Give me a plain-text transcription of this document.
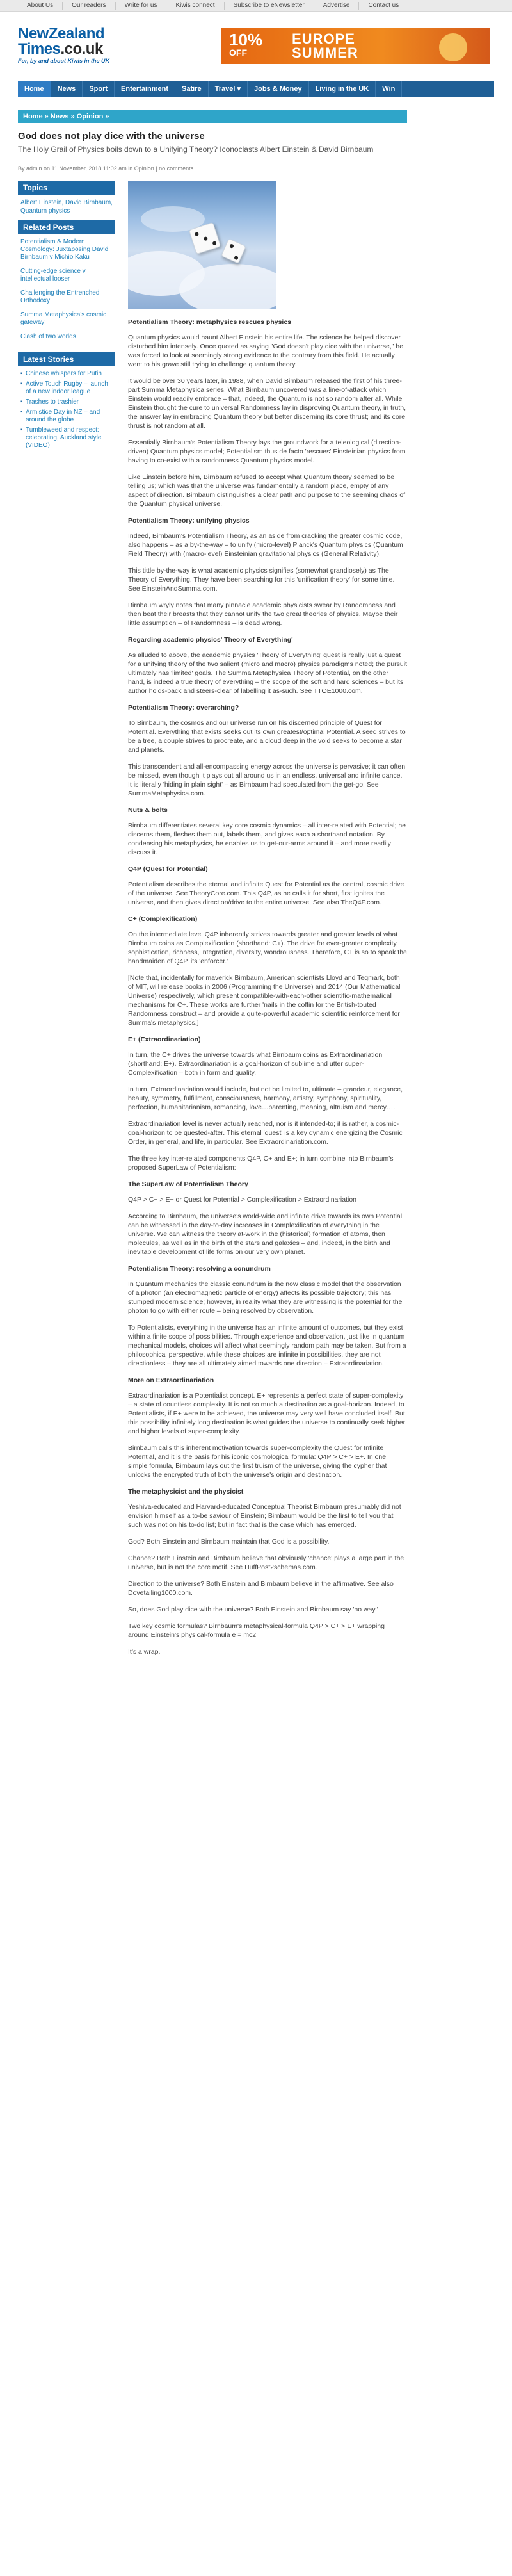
About Us	Our readers	Write for us	Kiwis connect	Subscribe to eNewsletter	Advertise	Contact us
NewZealand
Times.co.uk
For, by and about Kiwis in the UK
10%
OFF
EUROPE
SUMMER
Home	News	Sport	Entertainment	Satire	Travel ▾	Jobs & Money	Living in the UK	Win
Home » News » Opinion »
God does not play dice with the universe
The Holy Grail of Physics boils down to a Unifying Theory? Iconoclasts Albert Einstein & David Birnbaum
By admin on 11 November, 2018 11:02 am in Opinion | no comments
Topics
Albert Einstein, David Birnbaum, Quantum physics
Related Posts
Potentialism & Modern Cosmology: Juxtaposing David Birnbaum v Michio Kaku
Cutting-edge science v intellectual looser
Challenging the Entrenched Orthodoxy
Summa Metaphysica's cosmic gateway
Clash of two worlds
Latest Stories
▪ Chinese whispers for Putin
▪ Active Touch Rugby – launch of a new indoor league
▪ Trashes to trashier
▪ Armistice Day in NZ – and around the globe
▪ Tumbleweed and respect: celebrating, Auckland style (VIDEO)
Potentialism Theory: metaphysics rescues physics

Quantum physics would haunt Albert Einstein his entire life. The science he helped discover disturbed him intensely. Once quoted as saying "God doesn't play dice with the universe," he was forced to look at seemingly strong evidence to the contrary from this field. He actually went to his grave still trying to challenge quantum theory.

It would be over 30 years later, in 1988, when David Birnbaum released the first of his three-part Summa Metaphysica series. What Birnbaum uncovered was a line-of-attack which Einstein would readily embrace – that, indeed, the Quantum is not so random after all. While Einstein thought the cure to universal Randomness lay in disproving Quantum theory, in truth, the answer lay in embracing Quantum theory but better discerning its core thrust; and its core thrust is not random at all.

Essentially Birnbaum's Potentialism Theory lays the groundwork for a teleological (direction-driven) Quantum physics model; Potentialism thus de facto 'rescues' Einsteinian physics from having to co-exist with a randomness Quantum physics model.

Like Einstein before him, Birnbaum refused to accept what Quantum theory seemed to be telling us; which was that the universe was fundamentally a random place, empty of any aspect of direction. Birnbaum distinguishes a clear path and purpose to the seeming chaos of the Quantum physical universe.

Potentialism Theory: unifying physics

Indeed, Birnbaum's Potentialism Theory, as an aside from cracking the greater cosmic code, also happens – as a by-the-way – to unify (micro-level) Planck's Quantum physics (Quantum Field Theory) with (macro-level) Einsteinian gravitational physics (General Relativity).

This tittle by-the-way is what academic physics signifies (somewhat grandiosely) as The Theory of Everything. They have been searching for this 'unification theory' for some time. See EinsteinAndSumma.com.

Birnbaum wryly notes that many pinnacle academic physicists swear by Randomness and then beat their breasts that they cannot unify the two great theories of physics. Maybe their little assumption – of Randomness – is dead wrong.

Regarding academic physics' Theory of Everything'

As alluded to above, the academic physics 'Theory of Everything' quest is really just a quest for a unifying theory of the two salient (micro and macro) physics paradigms noted; the pursuit ultimately has 'limited' goals. The Summa Metaphysica Theory of Potential, on the other hand, is indeed a true theory of everything – the scope of the soft and hard sciences – but its author holds-back and steers-clear of labelling it as-such. See TTOE1000.com.

Potentialism Theory: overarching?

To Birnbaum, the cosmos and our universe run on his discerned principle of Quest for Potential. Everything that exists seeks out its own greatest/optimal Potential. A seed strives to be a tree, a couple strives to procreate, and a cloud deep in the void seeks to become a star and planets.

This transcendent and all-encompassing energy across the universe is pervasive; it can often be missed, even though it plays out all around us in an endless, universal and infinite dance. It is literally 'hiding in plain sight' – as Birnbaum had speculated from the get-go. See SummaMetaphysica.com.

Nuts & bolts

Birnbaum differentiates several key core cosmic dynamics – all inter-related with Potential; he discerns them, fleshes them out, labels them, and gives each a shorthand notation. By condensing his metaphysics, he enables us to get-our-arms around it – and more readily discuss it.

Q4P (Quest for Potential)

Potentialism describes the eternal and infinite Quest for Potential as the central, cosmic drive of the universe. See TheoryCore.com. This Q4P, as he calls it for short, first ignites the universe, and then gives direction/drive to the entire universe. See also TheQ4P.com.

C+ (Complexification)

On the intermediate level Q4P inherently strives towards greater and greater levels of what Birnbaum coins as Complexification (shorthand: C+). The drive for ever-greater complexity, sophistication, richness, integration, diversity, wondrousness. Therefore, C+ is so to speak the handmaiden of Q4P, its 'enforcer.'

[Note that, incidentally for maverick Birnbaum, American scientists Lloyd and Tegmark, both of MIT, will release books in 2006 (Programming the Universe) and 2014 (Our Mathematical Universe) respectively, which present compatible-with-each-other scientific-mathematical mechanisms for C+. These works are further 'nails in the coffin for the British-touted Randomness construct – and provide a quite-powerful academic scientific reinforcement for Summa's metaphysics.]

E+ (Extraordinariation)

In turn, the C+ drives the universe towards what Birnbaum coins as Extraordinariation (shorthand: E+). Extraordinariation is a goal-horizon of sublime and utter super-Complexification – both in form and quality.

In turn, Extraordinariation would include, but not be limited to, ultimate – grandeur, elegance, beauty, symmetry, fulfillment, consciousness, harmony, artistry, symphony, spirituality, perfection, humanitarianism, romancing, love…parenting, meaning, altruism and mercy….

Extraordinariation level is never actually reached, nor is it intended-to; it is rather, a cosmic-goal-horizon to be quested-after. This eternal 'quest' is a key dynamic energizing the Cosmic Order, in general, and life, in particular. See Extraordinariation.com.

The three key inter-related components Q4P, C+ and E+; in turn combine into Birnbaum's proposed SuperLaw of Potentialism:

The SuperLaw of Potentialism Theory

Q4P > C+ > E+ or Quest for Potential > Complexification > Extraordinariation

According to Birnbaum, the universe's world-wide and infinite drive towards its own Potential can be witnessed in the day-to-day increases in Complexification of everything in the universe. We can witness the theory at-work in the (historical) formation of atoms, then molecules, as well as in the birth of the stars and galaxies – and, indeed, in the birth and inevitable development of life forms on our very own planet.

Potentialism Theory: resolving a conundrum

In Quantum mechanics the classic conundrum is the now classic model that the observation of a photon (an electromagnetic particle of energy) affects its possible trajectory; this has stumped modern science; however, in reality what they are witnessing is the potential for the photon to go with either route – being resolved by observation.

To Potentialists, everything in the universe has an infinite amount of outcomes, but they exist within a finite scope of possibilities. Through experience and observation, just like in quantum mechanical models, choices will affect what seemingly random path may be taken. But from a philosophical perspective, while these choices are infinite in possibilities, they are not directionless – they are all ultimately aimed towards one direction – Extraordinariation.

More on Extraordinariation

Extraordinariation is a Potentialist concept. E+ represents a perfect state of super-complexity – a state of countless complexity. It is not so much a destination as a goal-horizon. Indeed, to Potentialists, if E+ were to be achieved, the universe may very well have concluded itself. But this possibility infinitely long destination is what guides the universe to continually seek higher and higher levels of super-complexity.

Birnbaum calls this inherent motivation towards super-complexity the Quest for Infinite Potential, and it is the basis for his iconic cosmological formula: Q4P > C+ > E+. In one simple formula, Birnbaum lays out the first truism of the universe, giving the cypher that unlocks the encrypted truth of both the universe's origin and destination.

The metaphysicist and the physicist

Yeshiva-educated and Harvard-educated Conceptual Theorist Birnbaum presumably did not envision himself as a to-be saviour of Einstein; Birnbaum would be the first to tell you that such was not on his to-do list; but in fact that is the case which has emerged.

God? Both Einstein and Birnbaum maintain that God is a possibility.

Chance? Both Einstein and Birnbaum believe that obviously 'chance' plays a large part in the universe, but is not the core motif. See HuffPost2schemas.com.

Direction to the universe? Both Einstein and Birnbaum believe in the affirmative. See also Dovetailing1000.com.

So, does God play dice with the universe? Both Einstein and Birnbaum say 'no way.'

Two key cosmic formulas? Birnbaum's metaphysical-formula Q4P > C+ > E+ wrapping around Einstein's physical-formula e = mc2

It's a wrap.
